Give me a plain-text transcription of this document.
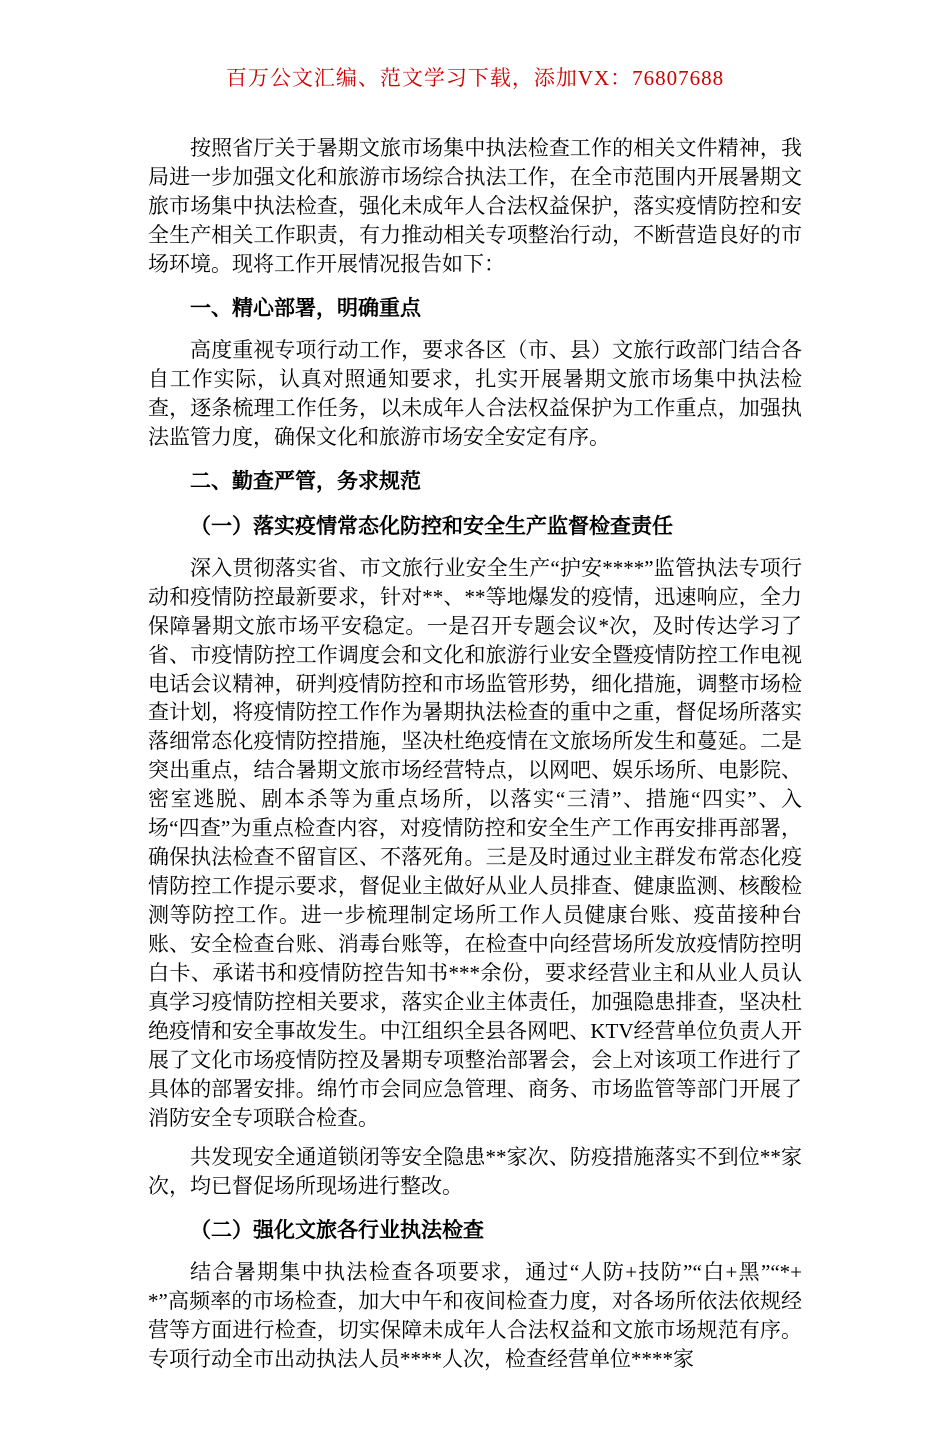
百万公文汇编、范文学习下载，添加VX：76807688

按照省厅关于暑期文旅市场集中执法检查工作的相关文件精神，我局进一步加强文化和旅游市场综合执法工作，在全市范围内开展暑期文旅市场集中执法检查，强化未成年人合法权益保护，落实疫情防控和安全生产相关工作职责，有力推动相关专项整治行动，不断营造良好的市场环境。现将工作开展情况报告如下：

一、精心部署，明确重点

高度重视专项行动工作，要求各区（市、县）文旅行政部门结合各自工作实际，认真对照通知要求，扎实开展暑期文旅市场集中执法检查，逐条梳理工作任务，以未成年人合法权益保护为工作重点，加强执法监管力度，确保文化和旅游市场安全安定有序。

二、勤查严管，务求规范

（一）落实疫情常态化防控和安全生产监督检查责任

深入贯彻落实省、市文旅行业安全生产“护安****”监管执法专项行动和疫情防控最新要求，针对**、**等地爆发的疫情，迅速响应，全力保障暑期文旅市场平安稳定。一是召开专题会议*次，及时传达学习了省、市疫情防控工作调度会和文化和旅游行业安全暨疫情防控工作电视电话会议精神，研判疫情防控和市场监管形势，细化措施，调整市场检查计划，将疫情防控工作作为暑期执法检查的重中之重，督促场所落实落细常态化疫情防控措施，坚决杜绝疫情在文旅场所发生和蔓延。二是突出重点，结合暑期文旅市场经营特点，以网吧、娱乐场所、电影院、密室逃脱、剧本杀等为重点场所，以落实“三清”、措施“四实”、入场“四查”为重点检查内容，对疫情防控和安全生产工作再安排再部署，确保执法检查不留盲区、不落死角。三是及时通过业主群发布常态化疫情防控工作提示要求，督促业主做好从业人员排查、健康监测、核酸检测等防控工作。进一步梳理制定场所工作人员健康台账、疫苗接种台账、安全检查台账、消毒台账等，在检查中向经营场所发放疫情防控明白卡、承诺书和疫情防控告知书***余份，要求经营业主和从业人员认真学习疫情防控相关要求，落实企业主体责任，加强隐患排查，坚决杜绝疫情和安全事故发生。中江组织全县各网吧、KTV经营单位负责人开展了文化市场疫情防控及暑期专项整治部署会，会上对该项工作进行了具体的部署安排。绵竹市会同应急管理、商务、市场监管等部门开展了消防安全专项联合检查。

共发现安全通道锁闭等安全隐患**家次、防疫措施落实不到位**家次，均已督促场所现场进行整改。

（二）强化文旅各行业执法检查

结合暑期集中执法检查各项要求，通过“人防+技防”“白+黑”“*+*”高频率的市场检查，加大中午和夜间检查力度，对各场所依法依规经营等方面进行检查，切实保障未成年人合法权益和文旅市场规范有序。专项行动全市出动执法人员****人次，检查经营单位****家
